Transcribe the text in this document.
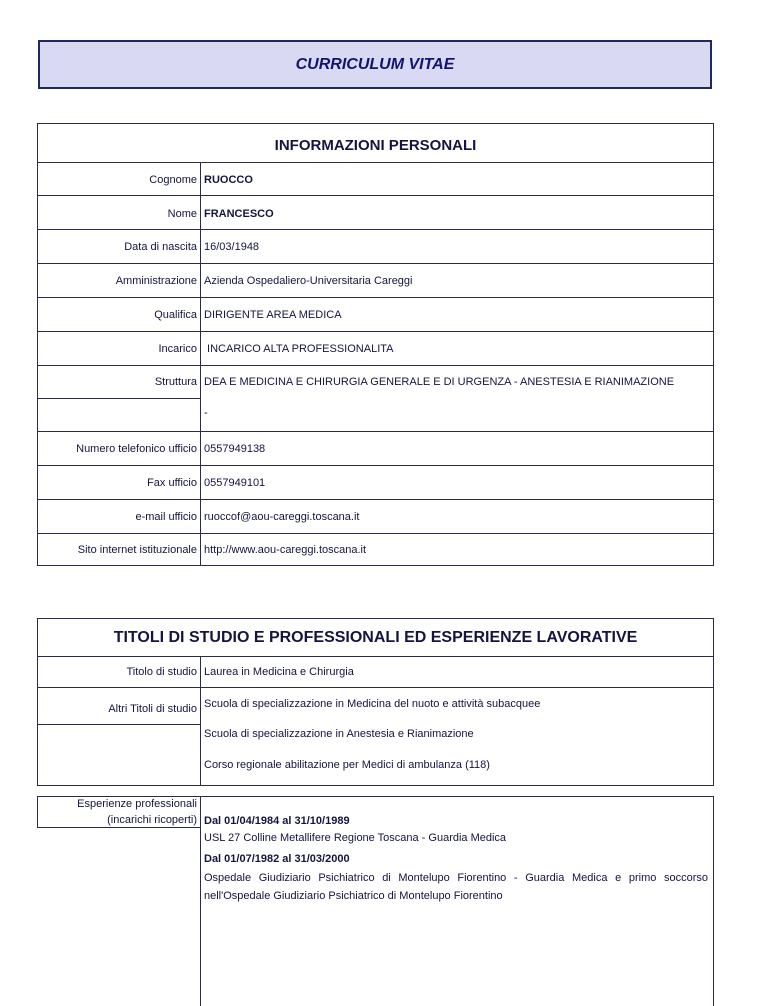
CURRICULUM VITAE
INFORMAZIONI PERSONALI
Cognome
Nome
Data di nascita
Amministrazione
Qualifica
Incarico
Struttura
Numero telefonico ufficio
Fax ufficio
e-mail ufficio
Sito internet istituzionale
RUOCCO
FRANCESCO
16/03/1948
Azienda Ospedaliero-Universitaria Careggi
DIRIGENTE AREA MEDICA
INCARICO ALTA PROFESSIONALITA
DEA E MEDICINA E CHIRURGIA GENERALE E DI URGENZA - ANESTESIA E RIANIMAZIONE
-
0557949138
0557949101
ruoccof@aou-careggi.toscana.it
http://www.aou-careggi.toscana.it
TITOLI DI STUDIO E PROFESSIONALI ED ESPERIENZE LAVORATIVE
Titolo di studio Laurea in Medicina e Chirurgia
Altri Titoli di studio Scuola di specializzazione in Medicina del nuoto e attività subacquee
Scuola di specializzazione in Anestesia e Rianimazione
Corso regionale abilitazione per Medici di ambulanza (118)
Esperienze professionali
(incarichi ricoperti) Dal 01/04/1984 al 31/10/1989
USL 27 Colline Metallifere Regione Toscana - Guardia Medica
Dal 01/07/1982 al 31/03/2000
Ospedale Giudiziario Psichiatrico di Montelupo Fiorentino - Guardia Medica e primo soccorso nell'Ospedale Giudiziario Psichiatrico di Montelupo Fiorentino
